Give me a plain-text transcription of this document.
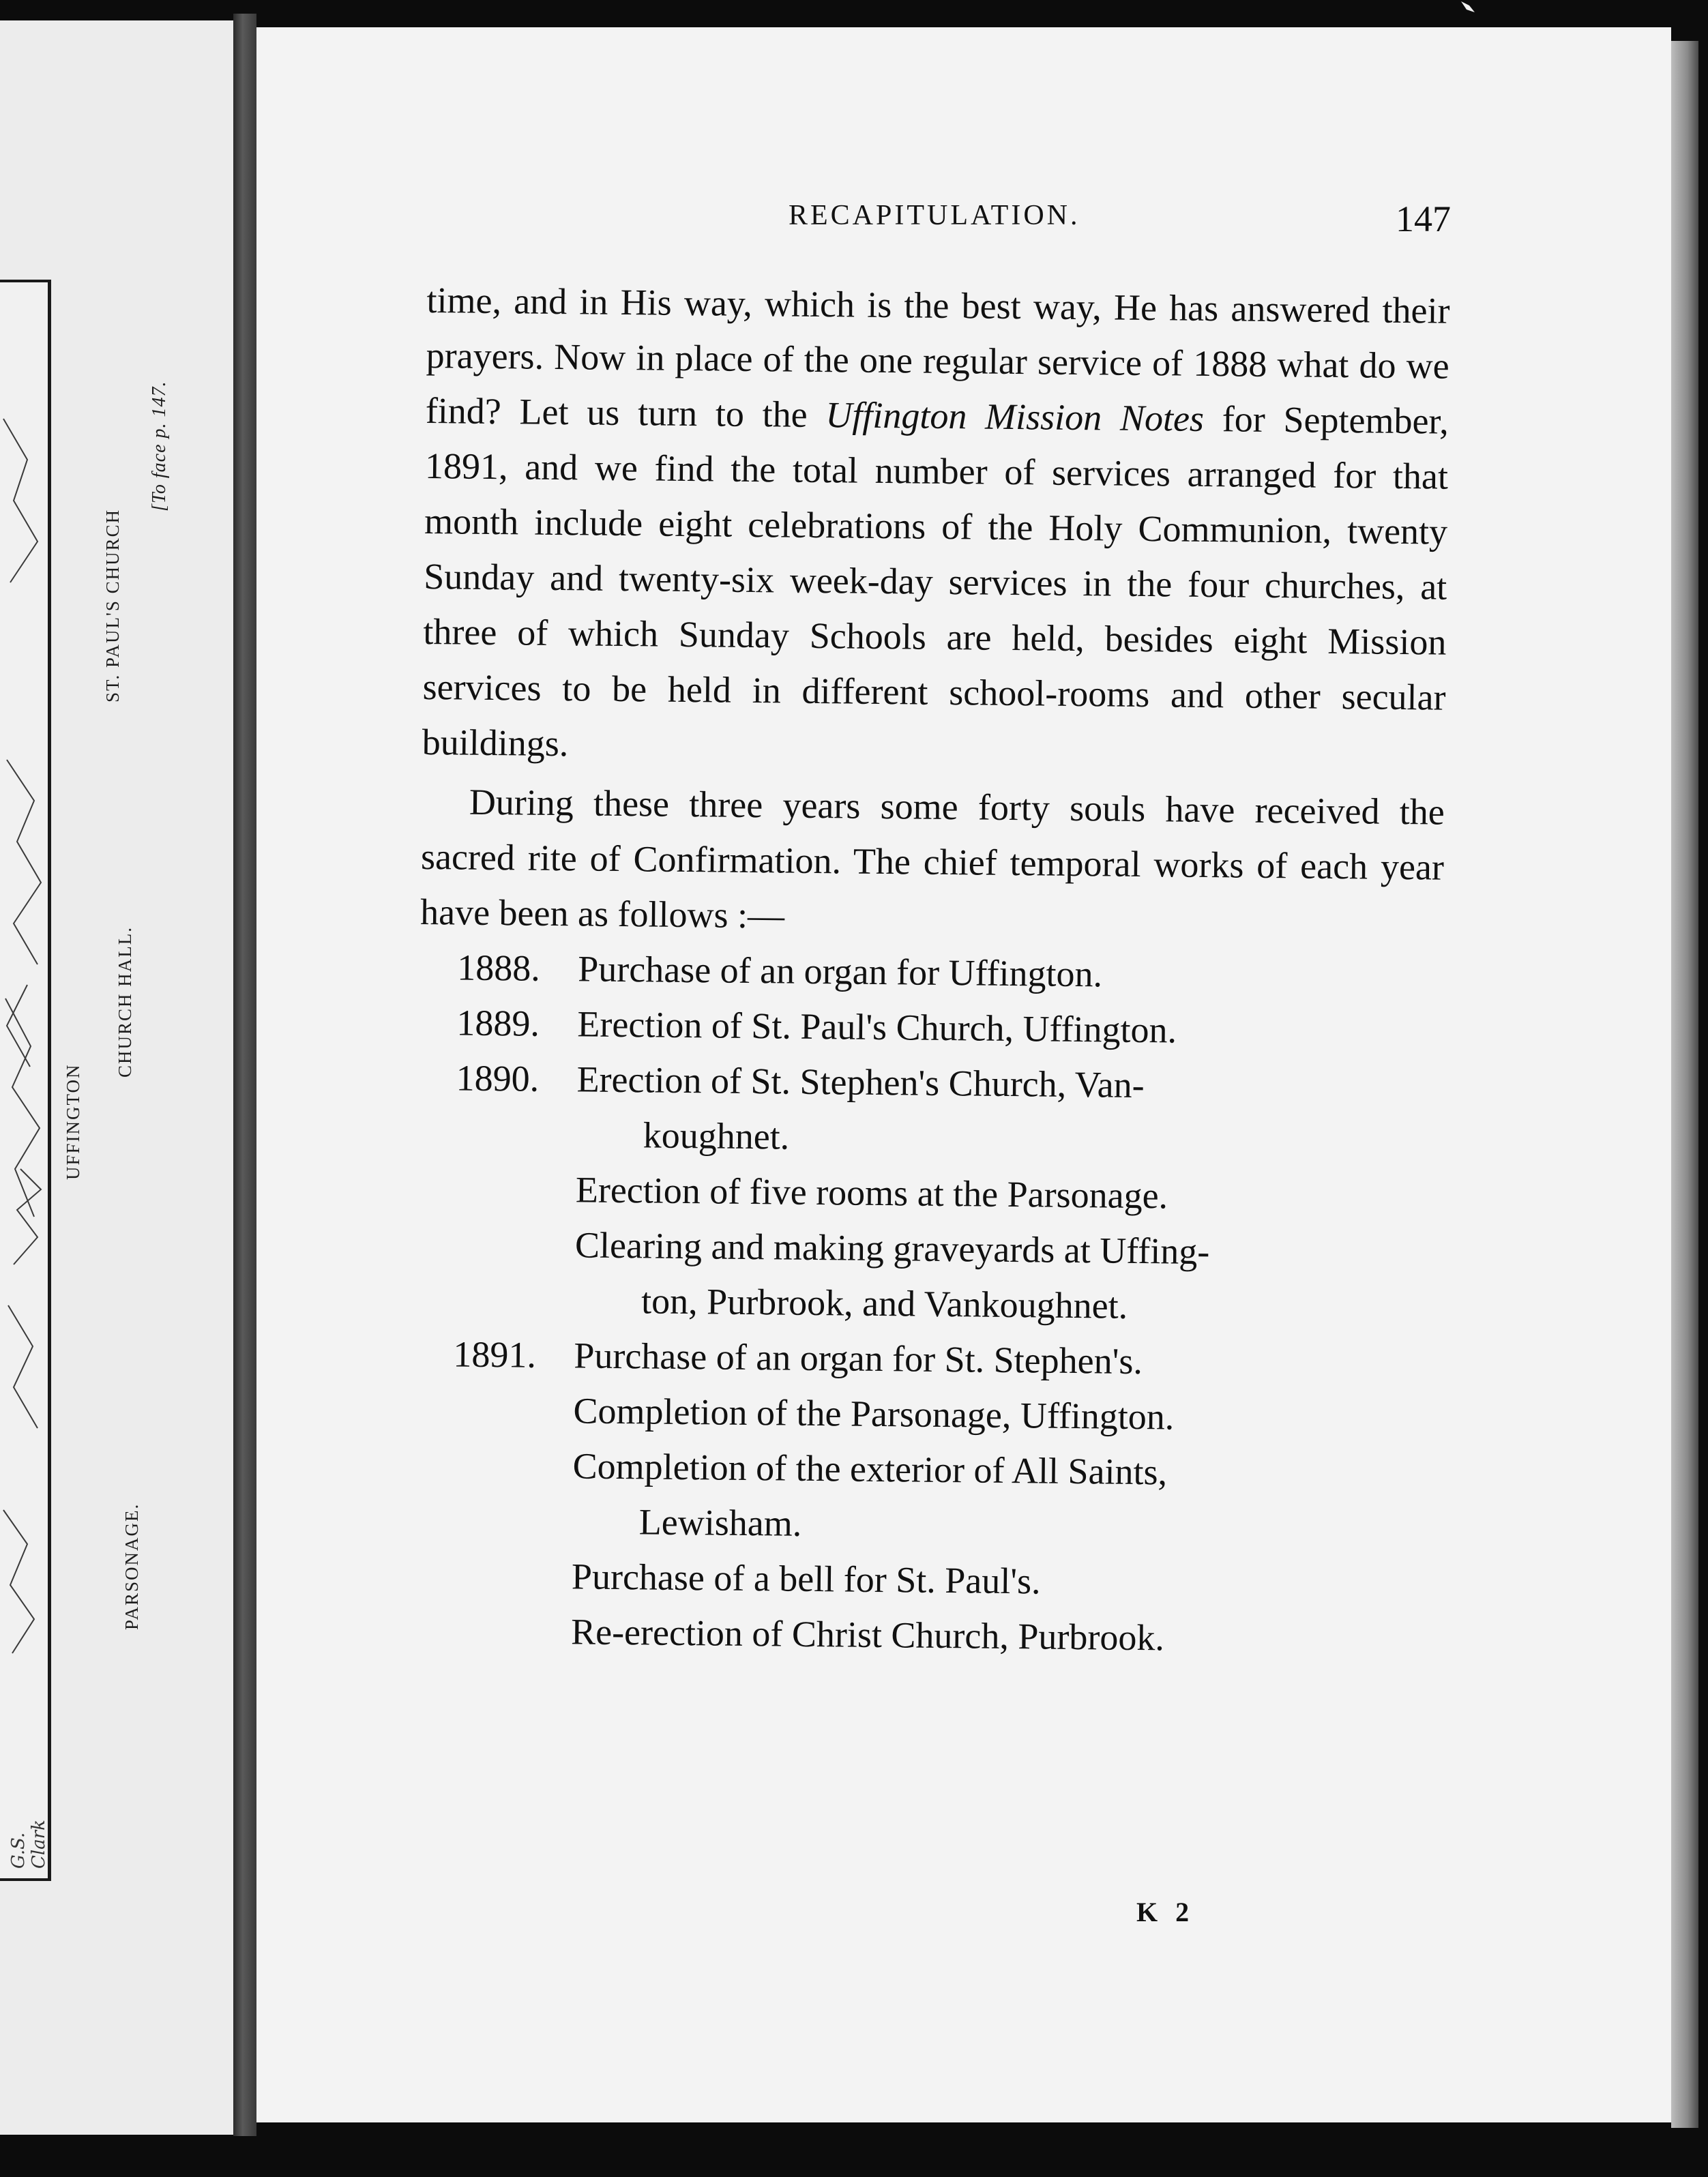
G.S. Clark
UFFINGTON
CHURCH HALL.
PARSONAGE.
ST. PAUL'S CHURCH
[To face p. 147.
RECAPITULATION.	147

time, and in His way, which is the best way, He has answered their prayers. Now in place of the one regular service of 1888 what do we find? Let us turn to the Uffington Mission Notes for September, 1891, and we find the total number of services arranged for that month include eight celebrations of the Holy Communion, twenty Sunday and twenty-six week-day services in the four churches, at three of which Sunday Schools are held, besides eight Mission services to be held in different school-rooms and other secular buildings.

During these three years some forty souls have received the sacred rite of Confirmation. The chief temporal works of each year have been as follows :—

1888.	Purchase of an organ for Uffington.
1889.	Erection of St. Paul's Church, Uffington.
1890.	Erection of St. Stephen's Church, Van-
koughnet.
Erection of five rooms at the Parsonage.
Clearing and making graveyards at Uffing-
ton, Purbrook, and Vankoughnet.
1891.	Purchase of an organ for St. Stephen's.
Completion of the Parsonage, Uffington.
Completion of the exterior of All Saints,
Lewisham.
Purchase of a bell for St. Paul's.
Re-erection of Christ Church, Purbrook.
K 2
